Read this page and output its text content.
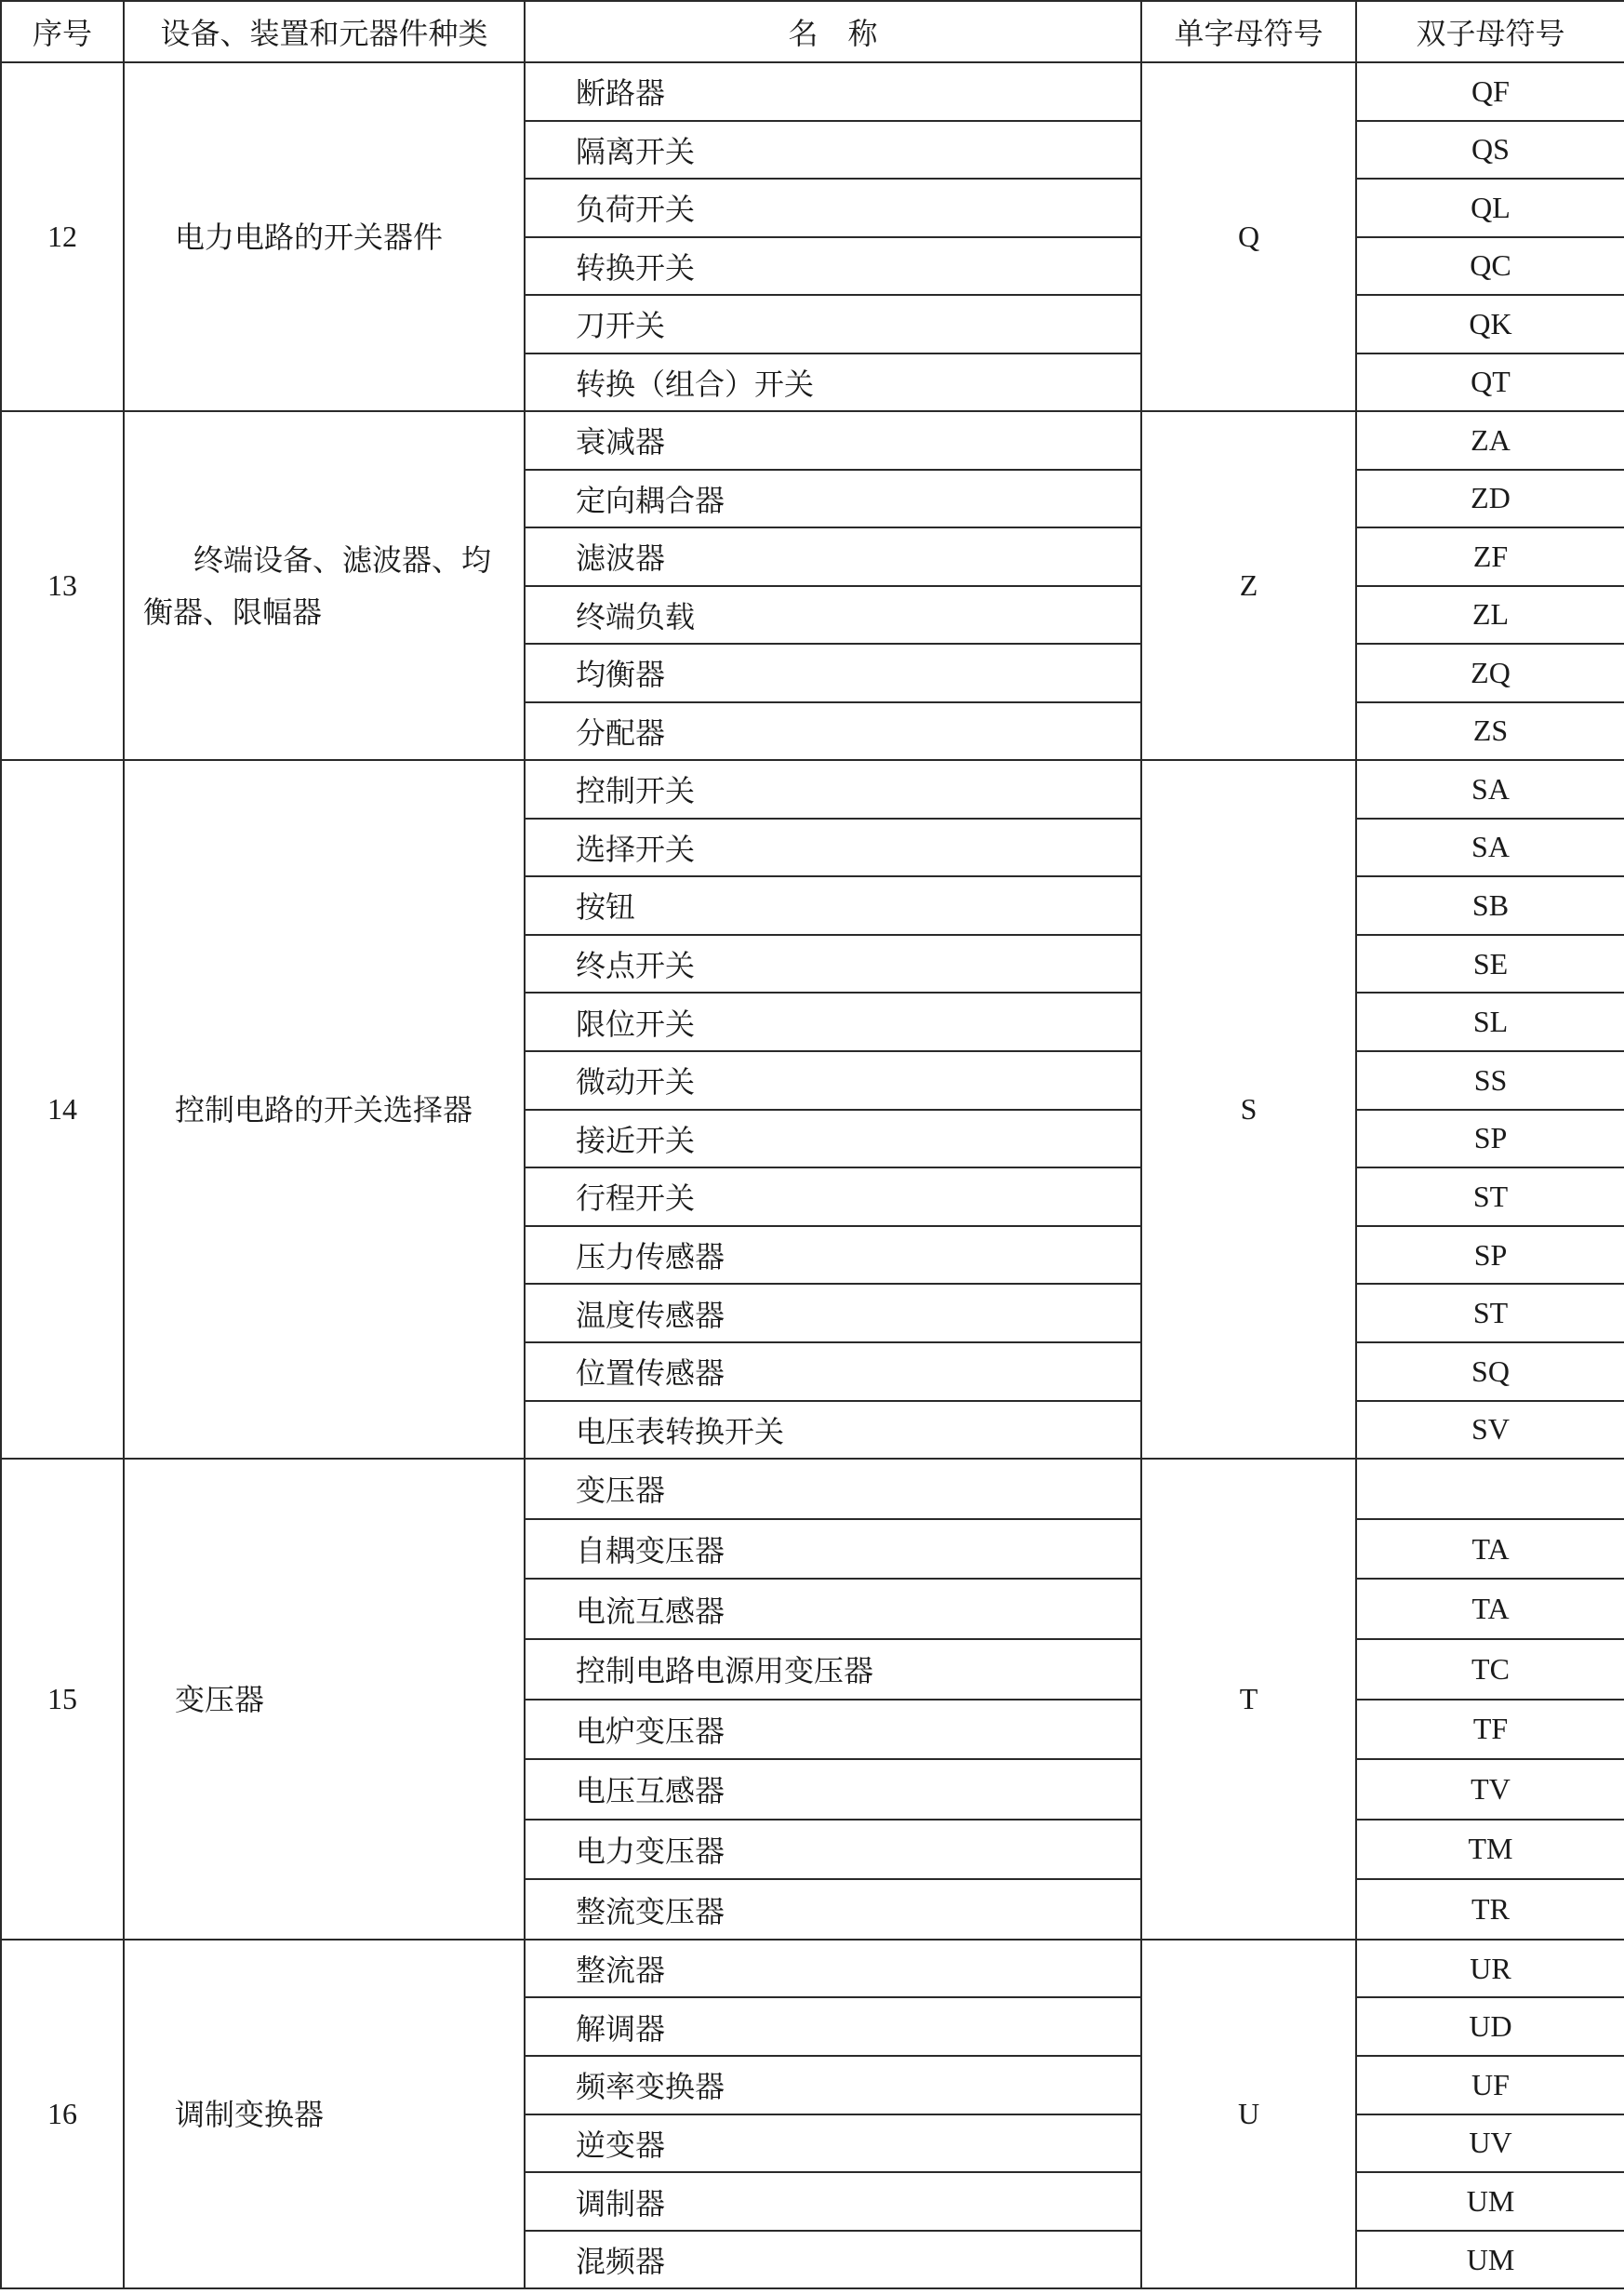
序号	设备、装置和元器件种类	名　称	单字母符号	双子母符号
12	电力电路的开关器件	断路器	Q	QF
		隔离开关		QS
		负荷开关		QL
		转换开关		QC
		刀开关		QK
		转换（组合）开关		QT
13	终端设备、滤波器、均衡器、限幅器	衰减器	Z	ZA
		定向耦合器		ZD
		滤波器		ZF
		终端负载		ZL
		均衡器		ZQ
		分配器		ZS
14	控制电路的开关选择器	控制开关	S	SA
		选择开关		SA
		按钮		SB
		终点开关		SE
		限位开关		SL
		微动开关		SS
		接近开关		SP
		行程开关		ST
		压力传感器		SP
		温度传感器		ST
		位置传感器		SQ
		电压表转换开关		SV
15	变压器	变压器	T	
		自耦变压器		TA
		电流互感器		TA
		控制电路电源用变压器		TC
		电炉变压器		TF
		电压互感器		TV
		电力变压器		TM
		整流变压器		TR
16	调制变换器	整流器	U	UR
		解调器		UD
		频率变换器		UF
		逆变器		UV
		调制器		UM
		混频器		UM
